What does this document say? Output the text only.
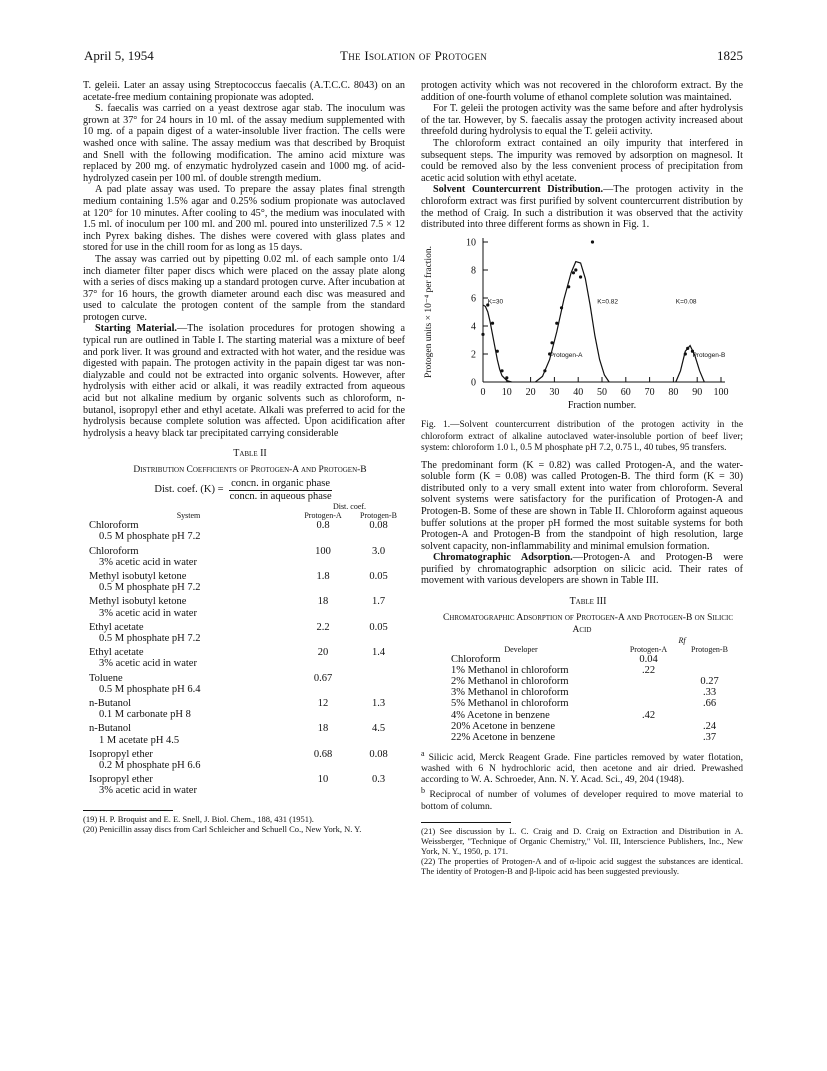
April 5, 1954	The Isolation of Protogen	1825

T. geleii. Later an assay using Streptococcus faecalis (A.T.C.C. 8043) on an acetate-free medium containing propionate was adopted.

S. faecalis was carried on a yeast dextrose agar stab. The inoculum was grown at 37° for 24 hours in 10 ml. of the assay medium supplemented with 10 mg. of a papain digest of a water-insoluble liver fraction. The cells were washed once with saline. The assay medium was that described by Broquist and Snell with the following modification. The amino acid mixture was replaced by 200 mg. of enzymatic hydrolyzed casein and 1000 mg. of acid-hydrolyzed casein per 100 ml. of double strength medium.

A pad plate assay was used. To prepare the assay plates final strength medium containing 1.5% agar and 0.25% sodium propionate was autoclaved at 120° for 10 minutes. After cooling to 45°, the medium was inoculated with 1.5 ml. of inoculum per 100 ml. and 200 ml. poured into unsterilized 7.5 × 12 inch Pyrex baking dishes. The dishes were covered with glass plates and stored for use in the chill room for as long as 15 days.

The assay was carried out by pipetting 0.02 ml. of each sample onto 1/4 inch diameter filter paper discs which were placed on the assay plate along with a series of discs making up a standard protogen curve. After incubation at 37° for 16 hours, the growth diameter around each disc was measured and used to calculate the protogen content of the sample from the standard protogen curve.

Starting Material.—The isolation procedures for protogen showing a typical run are outlined in Table I. The starting material was a mixture of beef and pork liver. It was ground and extracted with hot water, and the residue was digested with papain. The protogen activity in the papain digest tar was non-dialyzable and could not be extracted into organic solvents. However, after hydrolysis with either acid or alkali, it was readily extracted from aqueous acid but not alkaline medium by organic solvents such as chloroform, n-butanol, isopropyl ether and ethyl acetate. Alkali was preferred to acid for the hydrolysis because complete solution was affected. Upon acidification after hydrolysis a heavy black tar precipitated carrying considerable

Table II

Distribution Coefficients of Protogen-A and Protogen-B

Dist. coef. $(K) = \frac{\text{concn. in organic phase}}{\text{concn. in aqueous phase}}$
	Dist. coef.	
System	Protogen-A	Protogen-B
Chloroform	0.8	0.08
0.5 M phosphate pH 7.2		

Chloroform	100	3.0
3% acetic acid in water		

Methyl isobutyl ketone	1.8	0.05
0.5 M phosphate pH 7.2		

Methyl isobutyl ketone	18	1.7
3% acetic acid in water		

Ethyl acetate	2.2	0.05
0.5 M phosphate pH 7.2		

Ethyl acetate	20	1.4
3% acetic acid in water		

Toluene	0.67	
0.5 M phosphate pH 6.4		

n-Butanol	12	1.3
0.1 M carbonate pH 8		

n-Butanol	18	4.5
1 M acetate pH 4.5		

Isopropyl ether	0.68	0.08
0.2 M phosphate pH 6.6		

Isopropyl ether	10	0.3
3% acetic acid in water		

(19) H. P. Broquist and E. E. Snell, J. Biol. Chem., 188, 431 (1951).
(20) Penicillin assay discs from Carl Schleicher and Schuell Co., New York, N. Y.

protogen activity which was not recovered in the chloroform extract. By the addition of one-fourth volume of ethanol complete solution was maintained.

For T. geleii the protogen activity was the same before and after hydrolysis of the tar. However, by S. faecalis assay the protogen activity increased about threefold during hydrolysis to equal the T. geleii activity.

The chloroform extract contained an oily impurity that interfered in subsequent steps. The impurity was removed by adsorption on magnesol. It could be removed also by the less convenient process of precipitation from acetic acid solution with ethyl acetate.

Solvent Countercurrent Distribution.—The protogen activity in the chloroform extract was first purified by solvent countercurrent distribution by the method of Craig. In such a distribution it was observed that the activity distributed into three different forms as shown in Fig. 1.

0
2
4
6
8
10
0 10 20 30 40 50 60 70 80 90 100
Fraction number.
Protogen units × 10⁻⁴ per fraction.	K=30	K=0.82	K=0.08
Protogen-A	Protogen-B
Fig. 1.—Solvent countercurrent distribution of the protogen activity in the chloroform extract of alkaline autoclaved water-insoluble portion of beef liver; system: chloroform 1.0 l., 0.5 M phosphate pH 7.2, 0.75 l., 40 tubes, 95 transfers.

The predominant form (K = 0.82) was called Protogen-A, and the water-soluble form (K = 0.08) was called Protogen-B. The third form (K = 30) distributed only to a very small extent into water from chloroform. Several solvent systems were satisfactory for the purification of Protogen-A and Protogen-B. Some of these are shown in Table II. Chloroform against aqueous buffer solutions at the proper pH formed the most suitable systems for both Protogen-A and Protogen-B from the standpoint of high resolution, large solvent capacity, non-inflammability and minimal emulsion formation.

Chromatographic Adsorption.—Protogen-A and Protogen-B were purified by chromatographic adsorption on silicic acid. Their rates of movement with various developers are shown in Table III.

Table III

Chromatographic Adsorption of Protogen-A and Protogen-B on Silicic Acid

	Rf	
Developer	Protogen-A	Protogen-B
Chloroform	0.04	
1% Methanol in chloroform	.22	
2% Methanol in chloroform		0.27
3% Methanol in chloroform		.33
5% Methanol in chloroform		.66
4% Acetone in benzene	.42	
20% Acetone in benzene		.24
22% Acetone in benzene		.37
$^a$ Silicic acid, Merck Reagent Grade. Fine particles removed by water flotation, washed with 6 N hydrochloric acid, then acetone and air dried. Prewashed according to W. A. Schroeder, Ann. N. Y. Acad. Sci., 49, 204 (1948).
$^b$ Reciprocal of number of volumes of developer required to move material to bottom of column.
(21) See discussion by L. C. Craig and D. Craig on Extraction and Distribution in A. Weissberger, "Technique of Organic Chemistry," Vol. III, Interscience Publishers, Inc., New York, N. Y., 1950, p. 171.
(22) The properties of Protogen-A and of α-lipoic acid suggest the substances are identical. The identity of Protogen-B and β-lipoic acid has been suggested previously.
